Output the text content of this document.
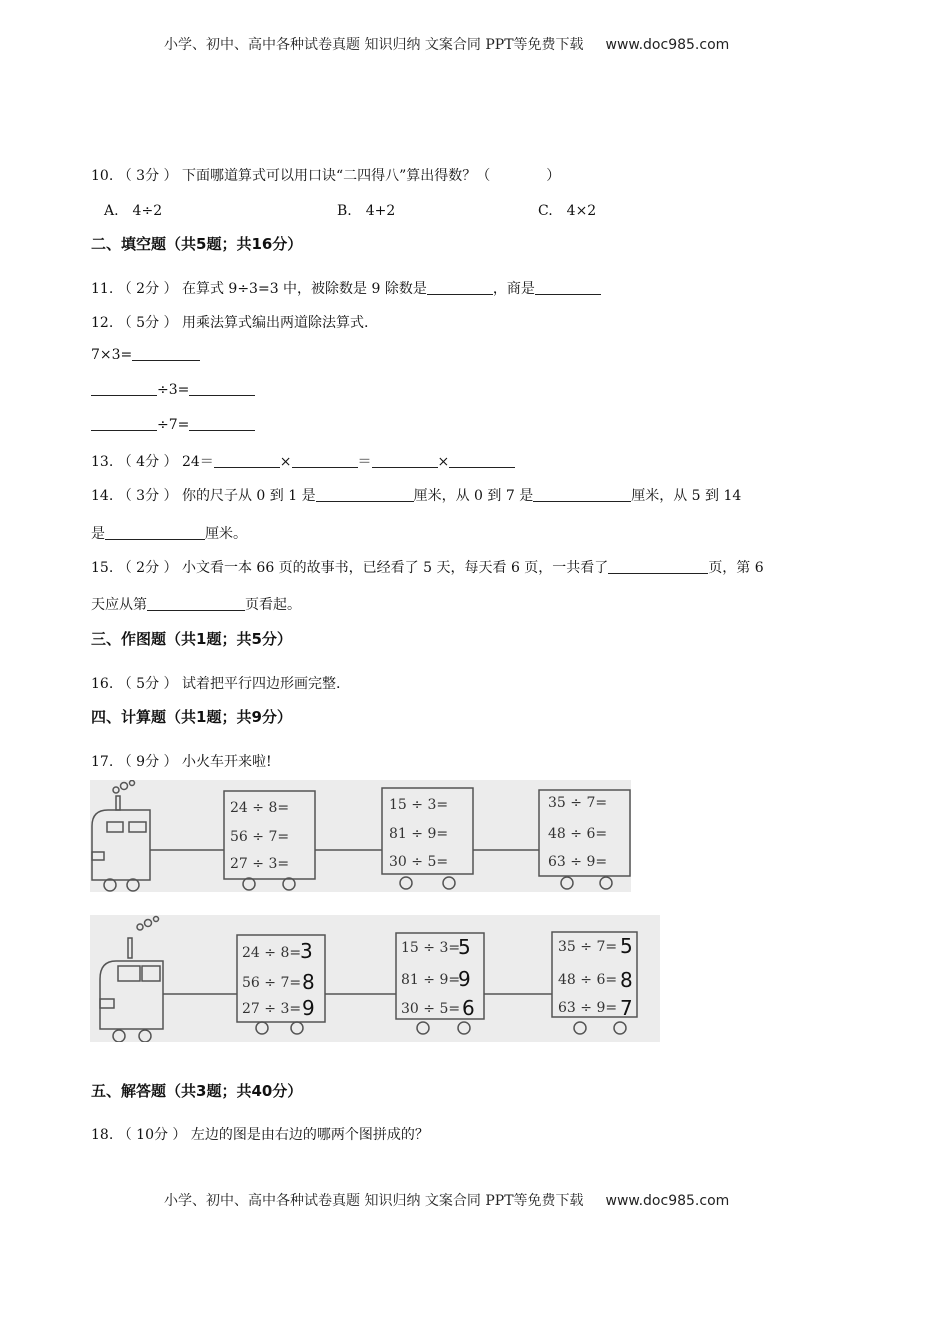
小学、初中、高中各种试卷真题 知识归纳 文案合同 PPT等免费下载 www.doc985.com
10. （ 3分 ） 下面哪道算式可以用口诀“二四得八”算出得数？（　　　　）
A.　4÷2	B.　4+2	C.　4×2
二、填空题（共5题；共16分）
11. （ 2分 ） 在算式 9÷3=3 中，被除数是 9 除数是	，商是
12. （ 5分 ） 用乘法算式编出两道除法算式.
7×3=
÷3=
÷7=
13. （ 4分 ） 24＝	×	＝	×
14. （ 3分 ） 你的尺子从 0 到 1 是	厘米，从 0 到 7 是	厘米，从 5 到 14
是	厘米。
15. （ 2分 ） 小文看一本 66 页的故事书，已经看了 5 天，每天看 6 页，一共看了	页，第 6
天应从第	页看起。
三、作图题（共1题；共5分）
16. （ 5分 ） 试着把平行四边形画完整.
四、计算题（共1题；共9分）
17. （ 9分 ） 小火车开来啦!
24 ÷ 8=
56 ÷ 7=
27 ÷ 3=
15 ÷ 3=
81 ÷ 9=
30 ÷ 5=
35 ÷ 7=
48 ÷ 6=
63 ÷ 9=
24 ÷ 8=
56 ÷ 7=
27 ÷ 3=
3
8
9
15 ÷ 3=
81 ÷ 9=
30 ÷ 5=
5
9
6
35 ÷ 7=
48 ÷ 6=
63 ÷ 9=
5
8
7
五、解答题（共3题；共40分）
18. （ 10分 ） 左边的图是由右边的哪两个图拼成的？
小学、初中、高中各种试卷真题 知识归纳 文案合同 PPT等免费下载 www.doc985.com
